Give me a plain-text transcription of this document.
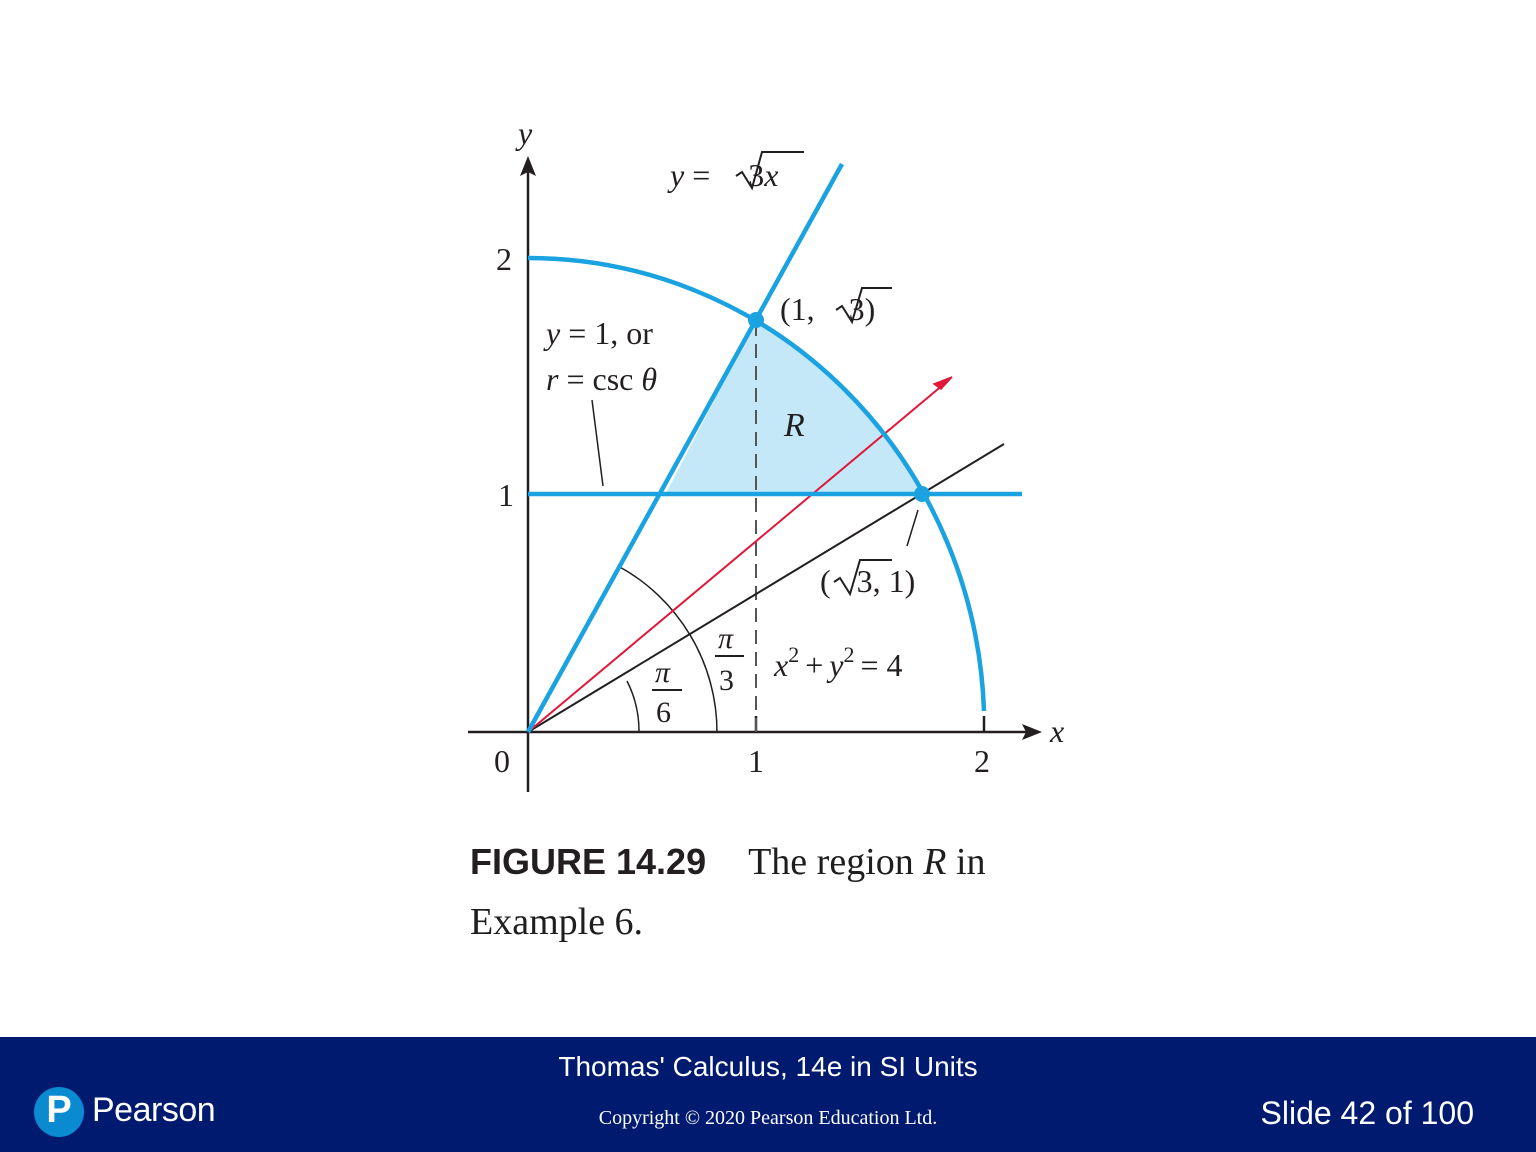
y
x
0	1	2
2
1
y = 3x
(1, 3)
y = 1, or
r = csc θ
R
( 3, 1)
$x^2 + y^2 = 4$
π
6
π
3
FIGURE 14.29 The region R in Example 6.
P Pearson
Thomas' Calculus, 14e in SI Units
Copyright © 2020 Pearson Education Ltd.	Slide 42 of 100
